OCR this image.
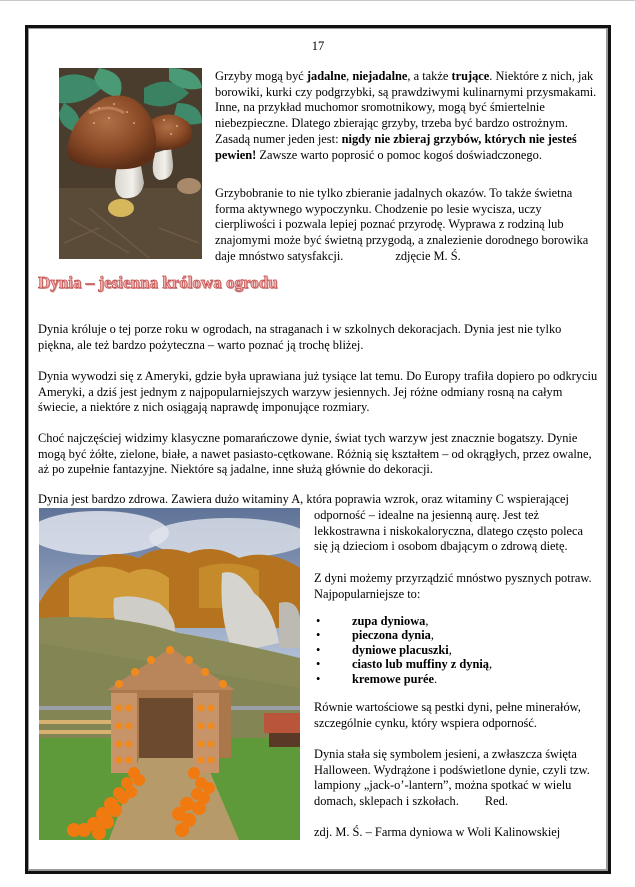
17
Grzyby mogą być jadalne, niejadalne, a także trujące. Niektóre z nich, jak borowiki, kurki czy podgrzybki, są prawdziwymi kulinarnymi przysmakami. Inne, na przykład muchomor sromotnikowy, mogą być śmiertelnie niebezpieczne. Dlatego zbierając grzyby, trzeba być bardzo ostrożnym.
Zasadą numer jeden jest: nigdy nie zbieraj grzybów, których nie jesteś pewien! Zawsze warto poprosić o pomoc kogoś doświadczonego.
Grzybobranie to nie tylko zbieranie jadalnych okazów. To także świetna forma aktywnego wypoczynku. Chodzenie po lesie wycisza, uczy cierpliwości i pozwala lepiej poznać przyrodę. Wyprawa z rodziną lub znajomymi może być świetną przygodą, a znalezienie dorodnego borowika daje mnóstwo satysfakcji.	zdjęcie M. Ś.
Dynia – jesienna królowa ogrodu
Dynia króluje o tej porze roku w ogrodach, na straganach i w szkolnych dekoracjach. Dynia jest nie tylko piękna, ale też bardzo pożyteczna – warto poznać ją trochę bliżej.
Dynia wywodzi się z Ameryki, gdzie była uprawiana już tysiące lat temu. Do Europy trafiła dopiero po odkryciu Ameryki, a dziś jest jednym z najpopularniejszych warzyw jesiennych. Jej różne odmiany rosną na całym świecie, a niektóre z nich osiągają naprawdę imponujące rozmiary.
Choć najczęściej widzimy klasyczne pomarańczowe dynie, świat tych warzyw jest znacznie bogatszy. Dynie mogą być żółte, zielone, białe, a nawet pasiasto-cętkowane. Różnią się kształtem – od okrągłych, przez owalne, aż po zupełnie fantazyjne. Niektóre są jadalne, inne służą głównie do dekoracji.
Dynia jest bardzo zdrowa. Zawiera dużo witaminy A, która poprawia wzrok, oraz witaminy C wspierającej
odporność – idealne na jesienną aurę. Jest też lekkostrawna i niskokaloryczna, dlatego często poleca się ją dzieciom i osobom dbającym o zdrową dietę.
Z dyni możemy przyrządzić mnóstwo pysznych potraw. Najpopularniejsze to:
•	zupa dyniowa,
•	pieczona dynia,
•	dyniowe placuszki,
•	ciasto lub muffiny z dynią,
•	kremowe purée.
Równie wartościowe są pestki dyni, pełne minerałów, szczególnie cynku, który wspiera odporność.
Dynia stała się symbolem jesieni, a zwłaszcza święta Halloween. Wydrążone i podświetlone dynie, czyli tzw. lampiony „jack-o’-lantern”, można spotkać w wielu domach, sklepach i szkołach. Red.
zdj. M. Ś. – Farma dyniowa w Woli Kalinowskiej
